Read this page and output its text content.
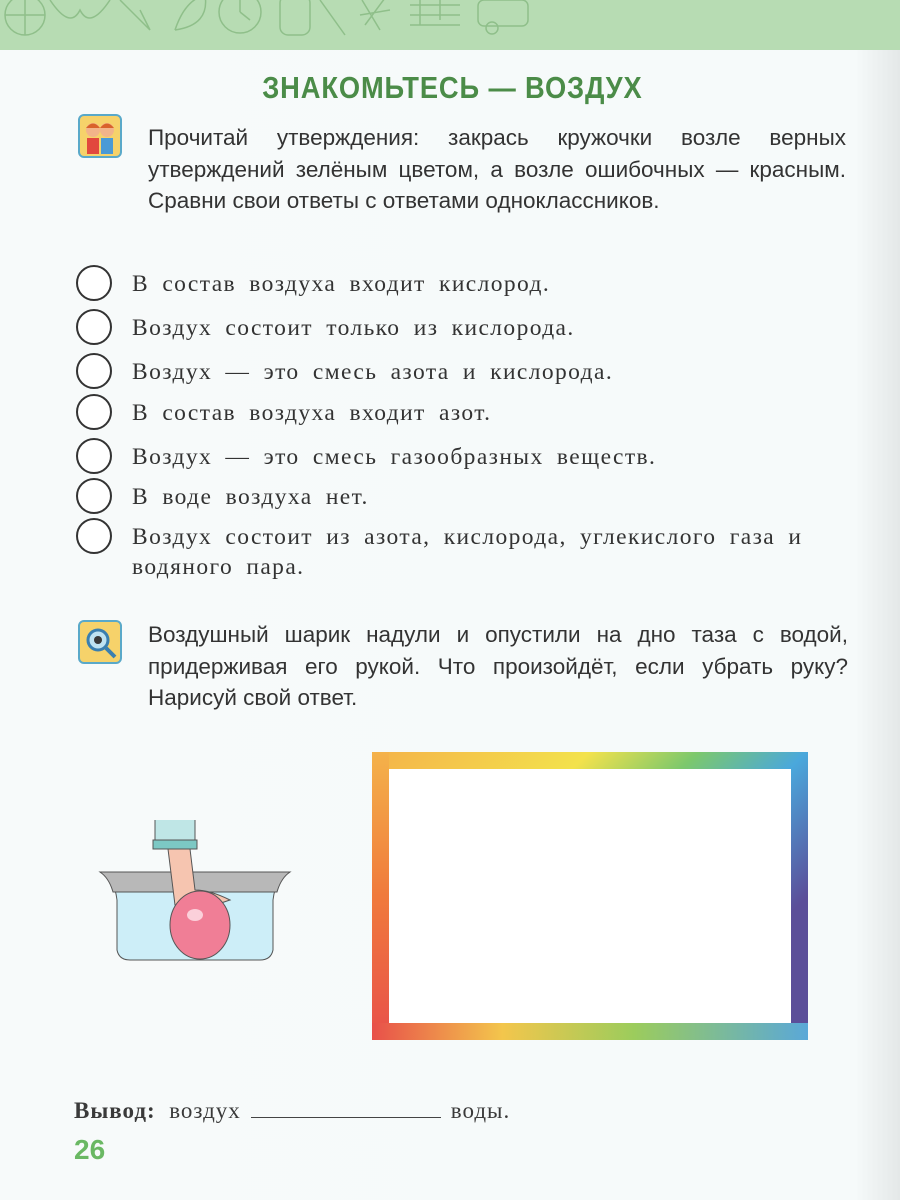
ЗНАКОМЬТЕСЬ — ВОЗДУХ
Прочитай утверждения: закрась кружочки возле верных утверждений зелёным цветом, а возле ошибочных — красным. Сравни свои ответы с ответами одноклассников.
В состав воздуха входит кислород.
Воздух состоит только из кислорода.
Воздух — это смесь азота и кислорода.
В состав воздуха входит азот.
Воздух — это смесь газообразных веществ.
В воде воздуха нет.
Воздух состоит из азота, кислорода, углекислого газа и водяного пара.
Воздушный шарик надули и опустили на дно таза с водой, придерживая его рукой. Что произойдёт, если убрать руку? Нарисуй свой ответ.
Вывод: воздух	воды.
26
